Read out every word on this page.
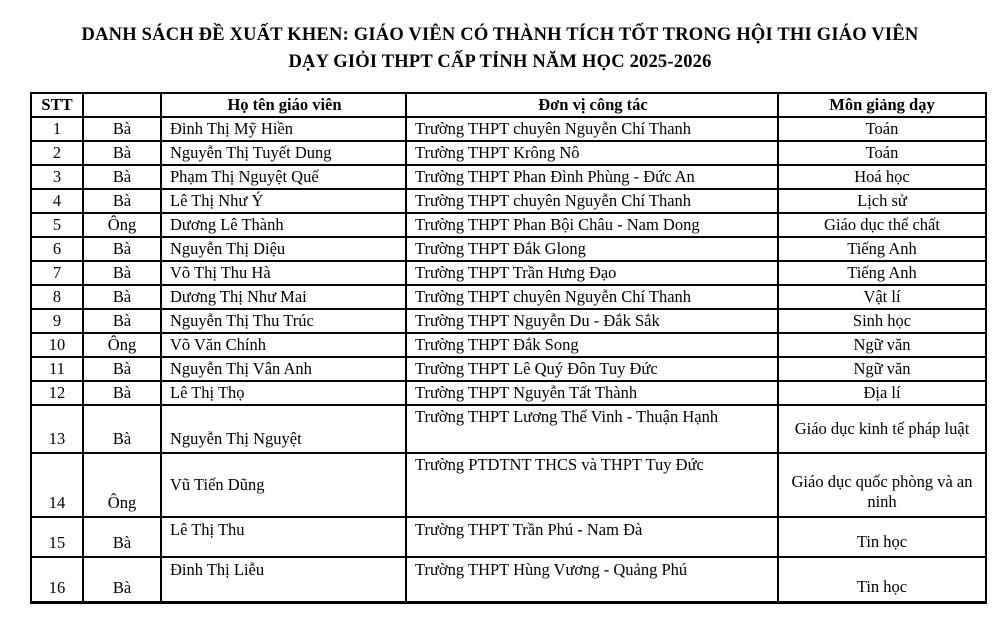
DANH SÁCH ĐỀ XUẤT KHEN: GIÁO VIÊN CÓ THÀNH TÍCH TỐT TRONG HỘI THI GIÁO VIÊN
DẠY GIỎI THPT CẤP TỈNH NĂM HỌC 2025-2026
STT		Họ tên giáo viên	Đơn vị công tác	Môn giảng dạy
1	Bà	Đinh Thị Mỹ Hiền	Trường THPT chuyên Nguyễn Chí Thanh	Toán
2	Bà	Nguyễn Thị Tuyết Dung	Trường THPT Krông Nô	Toán
3	Bà	Phạm Thị Nguyệt Quế	Trường THPT Phan Đình Phùng - Đức An	Hoá học
4	Bà	Lê Thị Như Ý	Trường THPT chuyên Nguyễn Chí Thanh	Lịch sử
5	Ông	Dương Lê Thành	Trường THPT Phan Bội Châu - Nam Dong	Giáo dục thể chất
6	Bà	Nguyễn Thị Diệu	Trường THPT Đắk Glong	Tiếng Anh
7	Bà	Võ Thị Thu Hà	Trường THPT Trần Hưng Đạo	Tiếng Anh
8	Bà	Dương Thị Như Mai	Trường THPT chuyên Nguyễn Chí Thanh	Vật lí
9	Bà	Nguyễn Thị Thu Trúc	Trường THPT Nguyễn Du - Đắk Sắk	Sinh học
10	Ông	Võ Văn Chính	Trường THPT Đắk Song	Ngữ văn
11	Bà	Nguyễn Thị Vân Anh	Trường THPT Lê Quý Đôn Tuy Đức	Ngữ văn
12	Bà	Lê Thị Thọ	Trường THPT Nguyễn Tất Thành	Địa lí
13	Bà	Nguyễn Thị Nguyệt	Trường THPT Lương Thế Vinh - Thuận Hạnh	Giáo dục kinh tế pháp luật
14	Ông	Vũ Tiến Dũng	Trường PTDTNT THCS và THPT Tuy Đức	Giáo dục quốc phòng và an ninh
15	Bà	Lê Thị Thu	Trường THPT Trần Phú - Nam Đà	Tin học
16	Bà	Đinh Thị Liễu	Trường THPT Hùng Vương - Quảng Phú	Tin học
